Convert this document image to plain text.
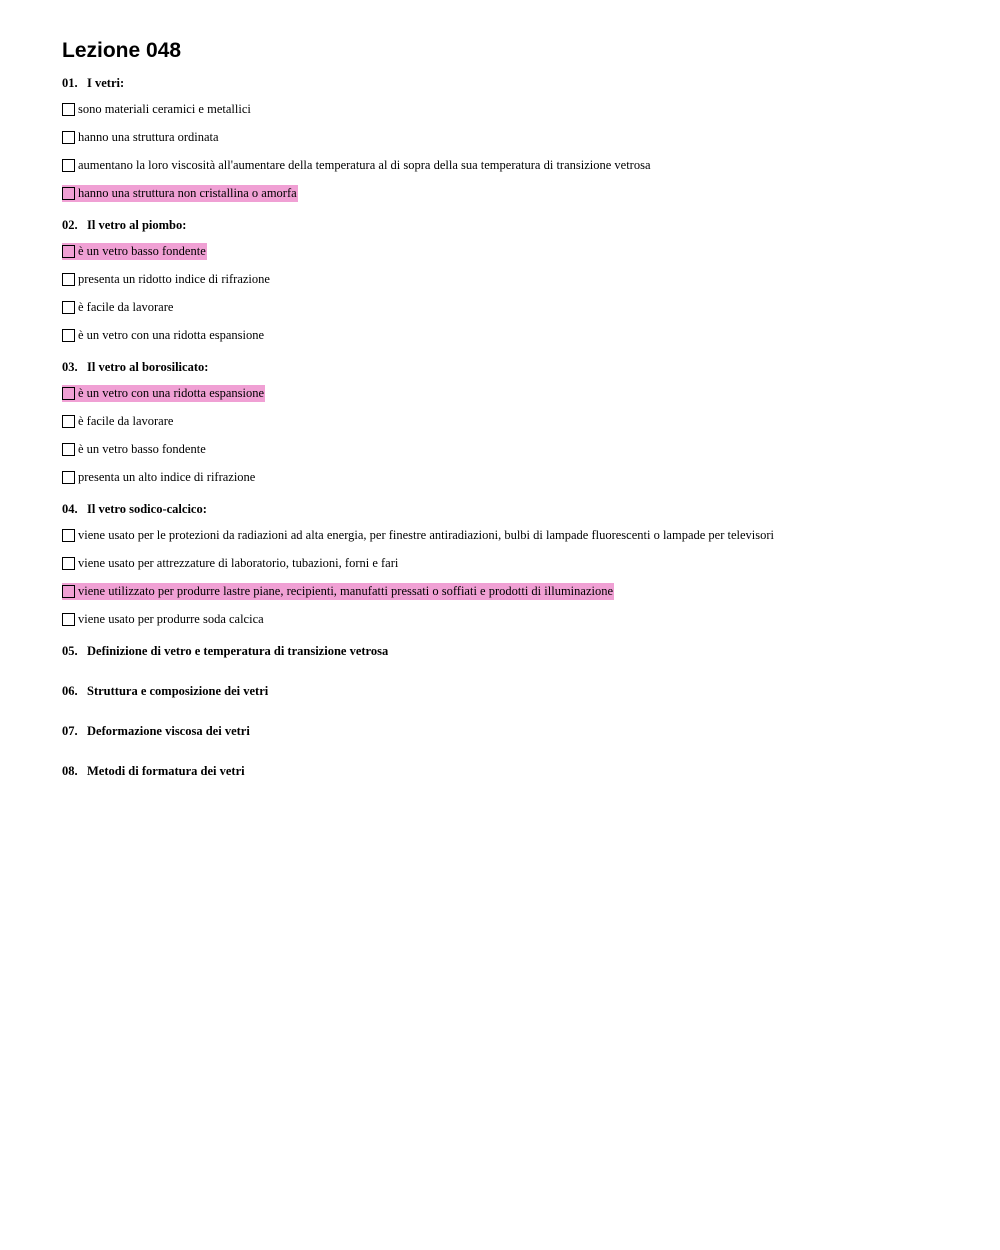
Lezione 048
01. I vetri:
sono materiali ceramici e metallici
hanno una struttura ordinata
aumentano la loro viscosità all'aumentare della temperatura al di sopra della sua temperatura di transizione vetrosa
hanno una struttura non cristallina o amorfa
02. Il vetro al piombo:
è un vetro basso fondente
presenta un ridotto indice di rifrazione
è facile da lavorare
è un vetro con una ridotta espansione
03. Il vetro al borosilicato:
è un vetro con una ridotta espansione
è facile da lavorare
è un vetro basso fondente
presenta un alto indice di rifrazione
04. Il vetro sodico-calcico:
viene usato per le protezioni da radiazioni ad alta energia, per finestre antiradiazioni, bulbi di lampade fluorescenti o lampade per televisori
viene usato per attrezzature di laboratorio, tubazioni, forni e fari
viene utilizzato per produrre lastre piane, recipienti, manufatti pressati o soffiati e prodotti di illuminazione
viene usato per produrre soda calcica
05. Definizione di vetro e temperatura di transizione vetrosa
06. Struttura e composizione dei vetri
07. Deformazione viscosa dei vetri
08. Metodi di formatura dei vetri
